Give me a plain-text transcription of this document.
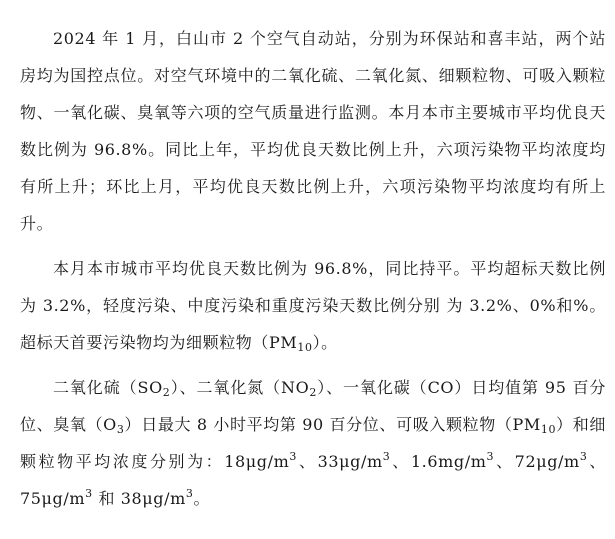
2024 年 1 月，白山市 2 个空气自动站，分别为环保站和喜丰站，两个站房均为国控点位。对空气环境中的二氧化硫、二氧化氮、细颗粒物、可吸入颗粒物、一氧化碳、臭氧等六项的空气质量进行监测。本月本市主要城市平均优良天数比例为 96.8%。同比上年，平均优良天数比例上升，六项污染物平均浓度均有所上升；环比上月，平均优良天数比例上升，六项污染物平均浓度均有所上升。

本月本市城市平均优良天数比例为 96.8%，同比持平。平均超标天数比例为 3.2%，轻度污染、中度污染和重度污染天数比例分别 为 3.2%、0%和%。超标天首要污染物均为细颗粒物$(PM_{10})$。

二氧化硫$(SO_2)$、二氧化氮$(NO_2)$、一氧化碳（CO）日均值第 95 百分位、臭氧$(O_3)$日最大 8 小时平均第 90 百分位、可吸入颗粒物$(PM_{10})$和细颗粒物平均浓度分别为：$18\mu g/m^3$、$33\mu g/m^3$、$1.6mg/m^3$、$72\mu g/m^3$、$75\mu g/m^3$ 和 $38\mu g/m^3$。
